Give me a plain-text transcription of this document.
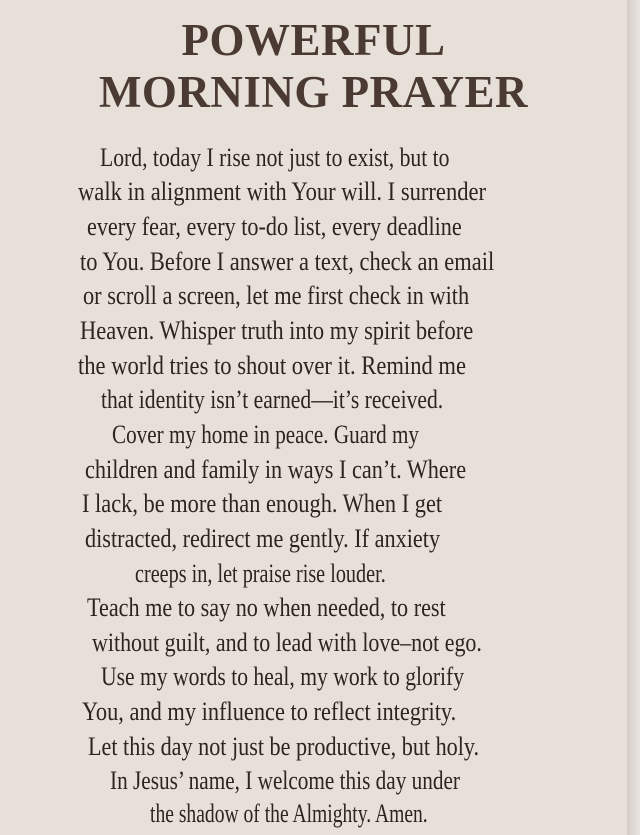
POWERFUL
MORNING PRAYER
Lord, today I rise not just to exist, but to
walk in alignment with Your will. I surrender
every fear, every to-do list, every deadline
to You. Before I answer a text, check an email
or scroll a screen, let me first check in with
Heaven. Whisper truth into my spirit before
the world tries to shout over it. Remind me
that identity isn’t earned—it’s received.
Cover my home in peace. Guard my
children and family in ways I can’t. Where
I lack, be more than enough. When I get
distracted, redirect me gently. If anxiety
creeps in, let praise rise louder.
Teach me to say no when needed, to rest
without guilt, and to lead with love–not ego.
Use my words to heal, my work to glorify
You, and my influence to reflect integrity.
Let this day not just be productive, but holy.
In Jesus’ name, I welcome this day under
the shadow of the Almighty. Amen.
